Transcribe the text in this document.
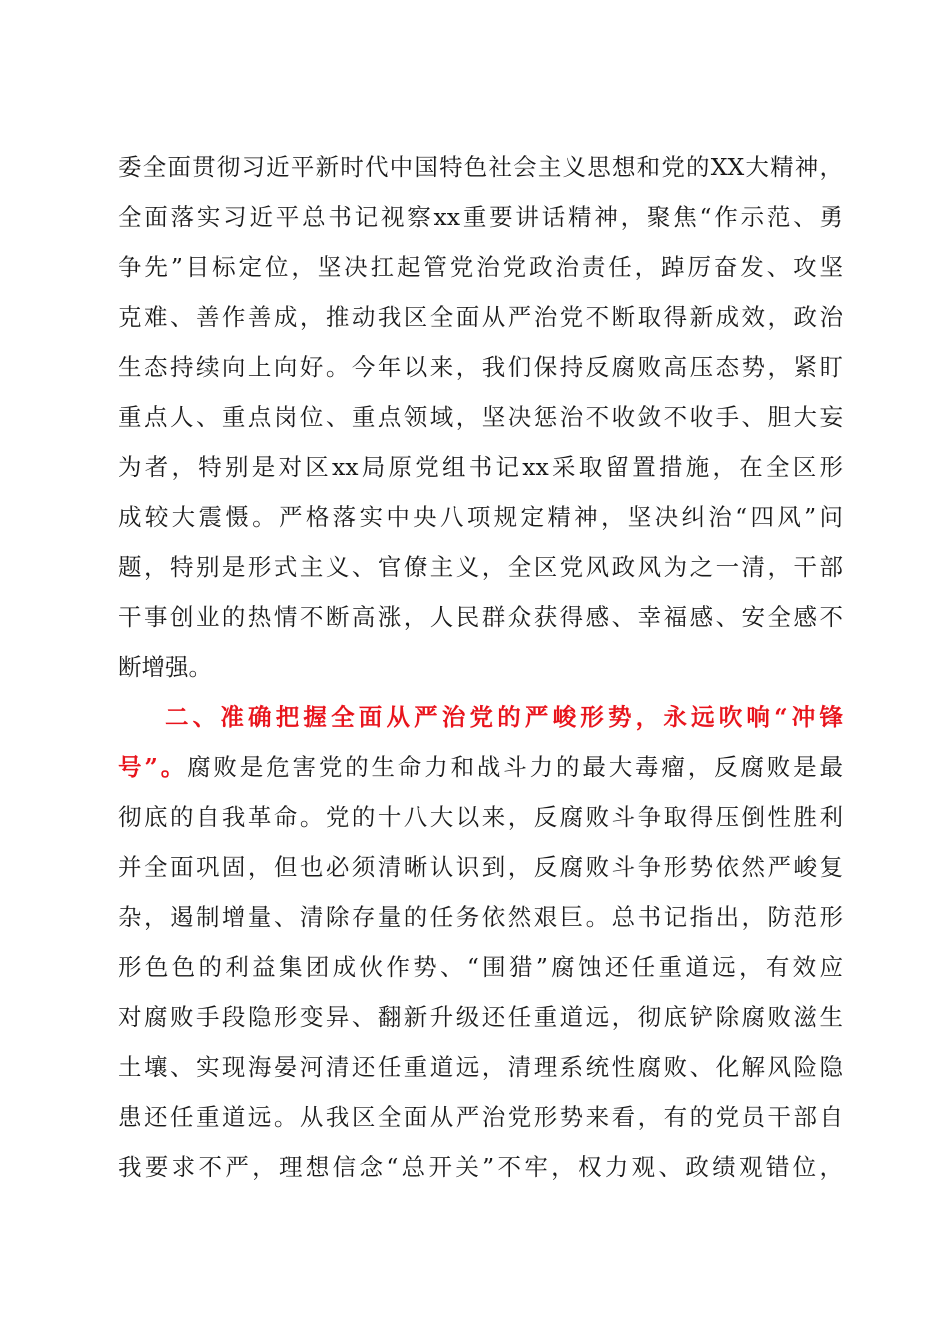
委全面贯彻习近平新时代中国特色社会主义思想和党的XX大精神，
全面落实习近平总书记视察xx重要讲话精神，聚焦“作示范、勇
争先”目标定位，坚决扛起管党治党政治责任，踔厉奋发、攻坚
克难、善作善成，推动我区全面从严治党不断取得新成效，政治
生态持续向上向好。今年以来，我们保持反腐败高压态势，紧盯
重点人、重点岗位、重点领域，坚决惩治不收敛不收手、胆大妄
为者，特别是对区xx局原党组书记xx采取留置措施，在全区形
成较大震慑。严格落实中央八项规定精神，坚决纠治“四风”问
题，特别是形式主义、官僚主义，全区党风政风为之一清，干部
干事创业的热情不断高涨，人民群众获得感、幸福感、安全感不
断增强。
二、准确把握全面从严治党的严峻形势，永远吹响“冲锋
号”。腐败是危害党的生命力和战斗力的最大毒瘤，反腐败是最
彻底的自我革命。党的十八大以来，反腐败斗争取得压倒性胜利
并全面巩固，但也必须清晰认识到，反腐败斗争形势依然严峻复
杂，遏制增量、清除存量的任务依然艰巨。总书记指出，防范形
形色色的利益集团成伙作势、“围猎”腐蚀还任重道远，有效应
对腐败手段隐形变异、翻新升级还任重道远，彻底铲除腐败滋生
土壤、实现海晏河清还任重道远，清理系统性腐败、化解风险隐
患还任重道远。从我区全面从严治党形势来看，有的党员干部自
我要求不严，理想信念“总开关”不牢，权力观、政绩观错位，
